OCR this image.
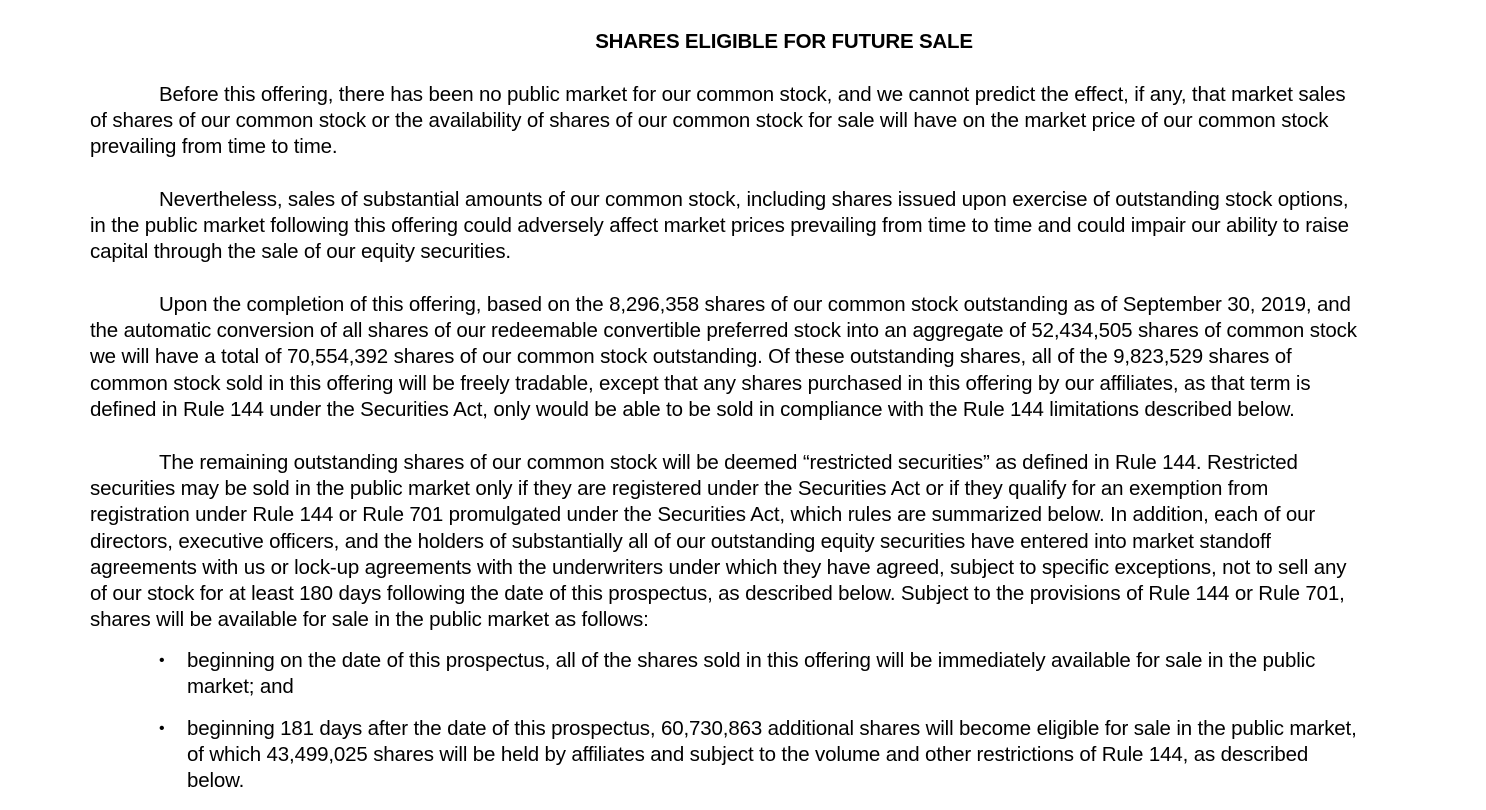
SHARES ELIGIBLE FOR FUTURE SALE

Before this offering, there has been no public market for our common stock, and we cannot predict the effect, if any, that market sales
of shares of our common stock or the availability of shares of our common stock for sale will have on the market price of our common stock
prevailing from time to time.

Nevertheless, sales of substantial amounts of our common stock, including shares issued upon exercise of outstanding stock options,
in the public market following this offering could adversely affect market prices prevailing from time to time and could impair our ability to raise
capital through the sale of our equity securities.

Upon the completion of this offering, based on the 8,296,358 shares of our common stock outstanding as of September 30, 2019, and
the automatic conversion of all shares of our redeemable convertible preferred stock into an aggregate of 52,434,505 shares of common stock
we will have a total of 70,554,392 shares of our common stock outstanding. Of these outstanding shares, all of the 9,823,529 shares of
common stock sold in this offering will be freely tradable, except that any shares purchased in this offering by our affiliates, as that term is
defined in Rule 144 under the Securities Act, only would be able to be sold in compliance with the Rule 144 limitations described below.

The remaining outstanding shares of our common stock will be deemed “restricted securities” as defined in Rule 144. Restricted
securities may be sold in the public market only if they are registered under the Securities Act or if they qualify for an exemption from
registration under Rule 144 or Rule 701 promulgated under the Securities Act, which rules are summarized below. In addition, each of our
directors, executive officers, and the holders of substantially all of our outstanding equity securities have entered into market standoff
agreements with us or lock-up agreements with the underwriters under which they have agreed, subject to specific exceptions, not to sell any
of our stock for at least 180 days following the date of this prospectus, as described below. Subject to the provisions of Rule 144 or Rule 701,
shares will be available for sale in the public market as follows:

• beginning on the date of this prospectus, all of the shares sold in this offering will be immediately available for sale in the public
market; and
• beginning 181 days after the date of this prospectus, 60,730,863 additional shares will become eligible for sale in the public market,
of which 43,499,025 shares will be held by affiliates and subject to the volume and other restrictions of Rule 144, as described
below.
